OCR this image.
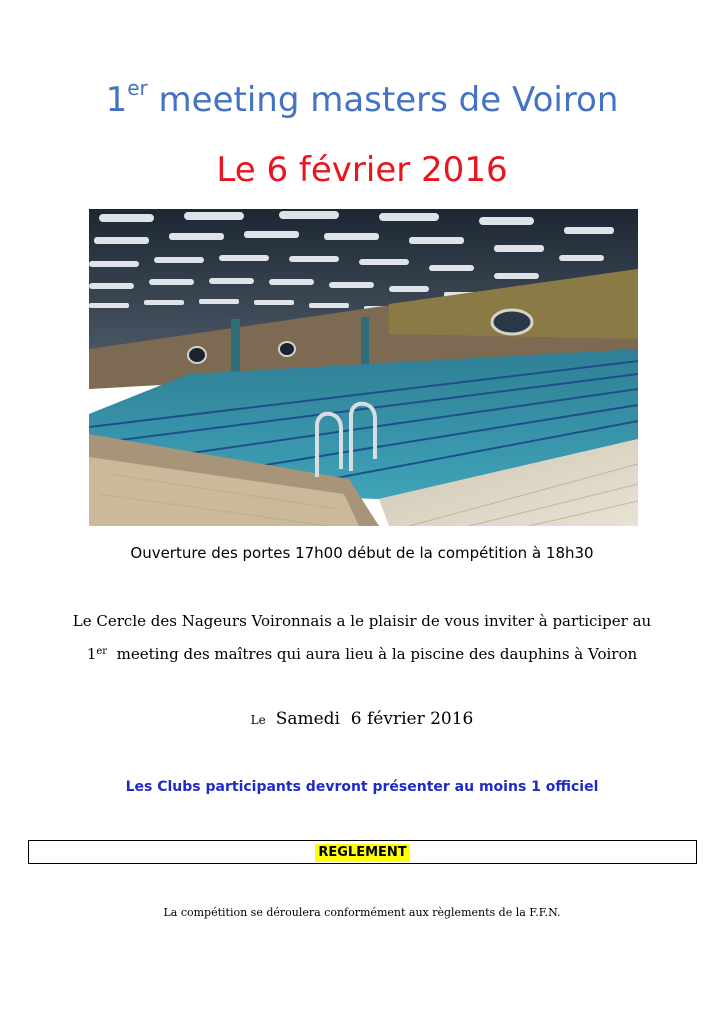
1er meeting masters de Voiron
Le 6 février 2016
Ouverture des portes 17h00 début de la compétition à 18h30
Le Cercle des Nageurs Voironnais a le plaisir de vous inviter à participer au
1er  meeting des maîtres qui aura lieu à la piscine des dauphins à Voiron
Le Samedi  6 février 2016
Les Clubs participants devront présenter au moins 1 officiel
REGLEMENT
La compétition se déroulera conformément aux règlements de la F.F.N.
